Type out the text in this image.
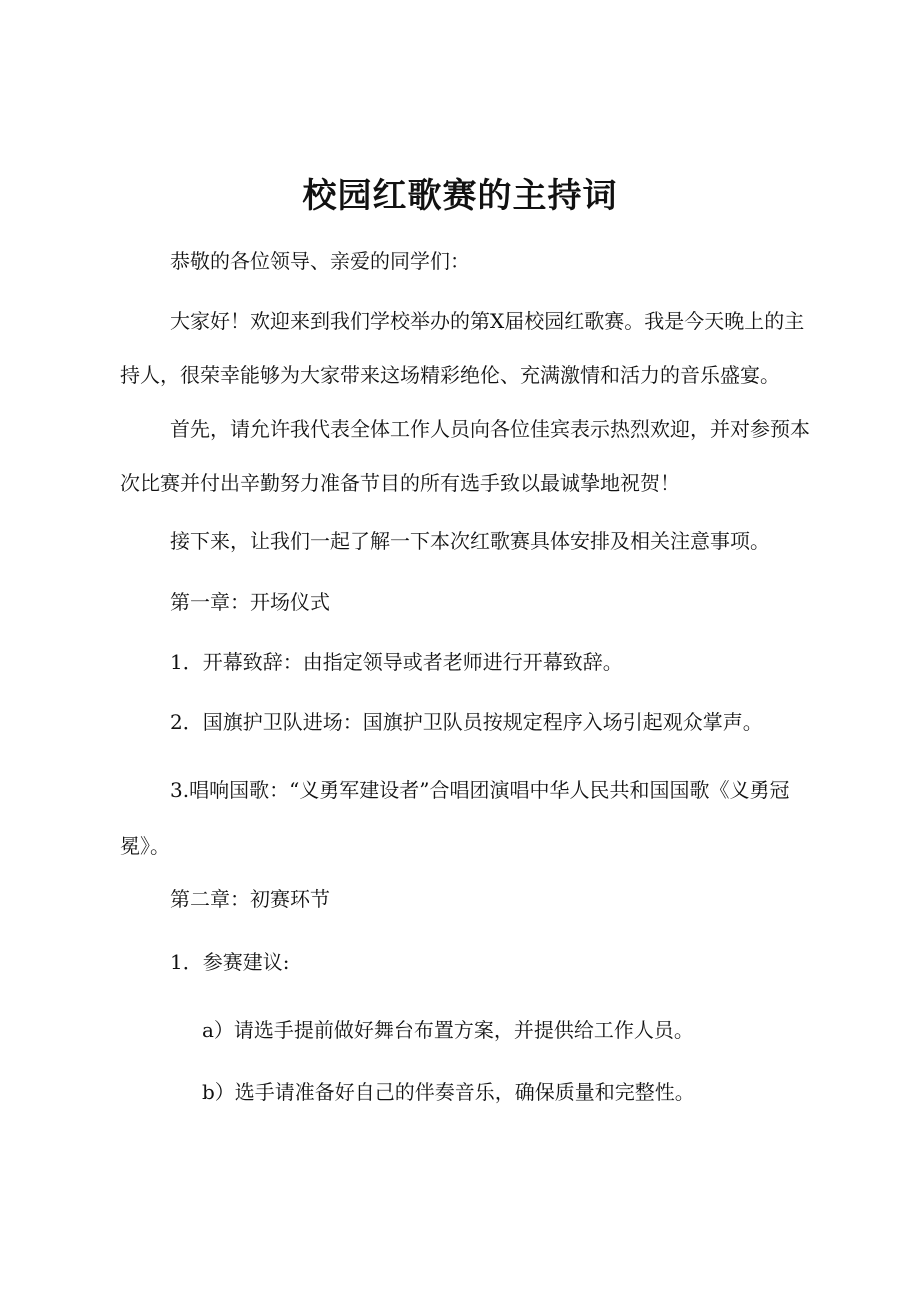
校园红歌赛的主持词

恭敬的各位领导、亲爱的同学们：

大家好！欢迎来到我们学校举办的第X届校园红歌赛。我是今天晚上的主持人，很荣幸能够为大家带来这场精彩绝伦、充满激情和活力的音乐盛宴。

首先，请允许我代表全体工作人员向各位佳宾表示热烈欢迎，并对参预本次比赛并付出辛勤努力准备节目的所有选手致以最诚挚地祝贺！

接下来，让我们一起了解一下本次红歌赛具体安排及相关注意事项。

第一章：开场仪式

1．开幕致辞：由指定领导或者老师进行开幕致辞。

2．国旗护卫队进场：国旗护卫队员按规定程序入场引起观众掌声。

3.唱响国歌：“义勇军建设者”合唱团演唱中华人民共和国国歌《义勇冠冕》。

第二章：初赛环节

1．参赛建议:

a）请选手提前做好舞台布置方案，并提供给工作人员。

b）选手请准备好自己的伴奏音乐，确保质量和完整性。
